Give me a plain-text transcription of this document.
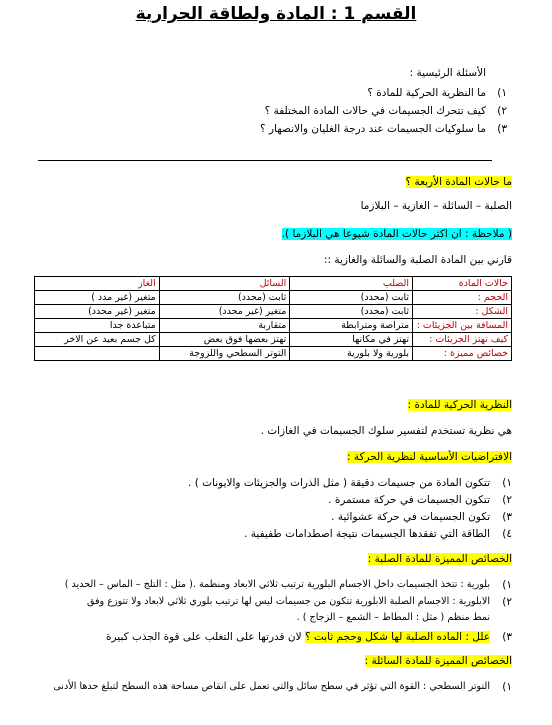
القسم 1 : المادة ولطاقة الحرارية
الأسئلة الرئيسية :
١)
ما النظرية الحركية للمادة ؟
٢)
كيف تتحرك الجسيمات في حالات المادة المختلفة ؟
٣)
ما سلوكيات الجسيمات عند درجة الغليان والانصهار ؟
ما حالات المادة الأربعة ؟
الصلبة – السائلة – الغازية – البلازما
( ملاحظة : ان اكثر حالات المادة شيوعا هي البلازما ).
قارني بين المادة الصلبة والسائلة والغازية ::
حالات المادة	الصلب	السائل	الغاز
الحجم :	ثابت (محدد)	ثابت (محدد)	متغير (غير مدد )
الشكل :	ثابت (محدد)	متغير (غير محدد)	متغير (غير محدد)
المسافة بين الجزيئات :	متراصة ومترابطة	متقاربة	متباعدة جدا
كيف تهتز الجزيئات :	تهتز في مكانها	تهتز بعضها فوق بعض	كل جسم بعيد عن الاخر
خصائص مميزة :	بلورية ولا بلورية	التوتر السطحي واللزوجة	
النظرية الحركية للمادة :
هي نظرية تستخدم لتفسير سلوك الجسيمات في الغازات .
الافتراضيات الأساسية لنظرية الحركة :
١)
تتكون المادة من جسيمات دقيقة ( مثل الذرات والجزيئات والايونات ) .
٢)
تتكون الجسيمات في حركة مستمرة .
٣)
تكون الجسيمات في حركة عشوائية .
٤)
الطاقة التي تفقدها الجسيمات نتيجة اصطدامات طفيفية .
الخصائص المميزة للمادة الصلبة :
١)
بلورية : تتخذ الجسيمات داخل الاجسام البلورية ترتيب ثلاثي الابعاد ومنظمة .( مثل : التلج – الماس – الحديد )
٢)
الابلورية : الاجسام الصلبة الابلورية تتكون من جسيمات ليس لها ترتيب بلوري ثلاثي لابعاد ولا تتوزع وفق
نمط منظم ( مثل : المطاط – الشمع – الزجاج ) .
٣)
علل : الماده الصلبة لها شكل وحجم ثابت ؟ لان قدرتها على التغلب على قوة الجذب كبيرة
الخصائص المميزة للمادة السائلة :
١)
التوتر السطحي : القوة التي تؤثر في سطح سائل والتي تعمل على انقاص مساحة هذه السطح لتبلغ حدها الأدنى
